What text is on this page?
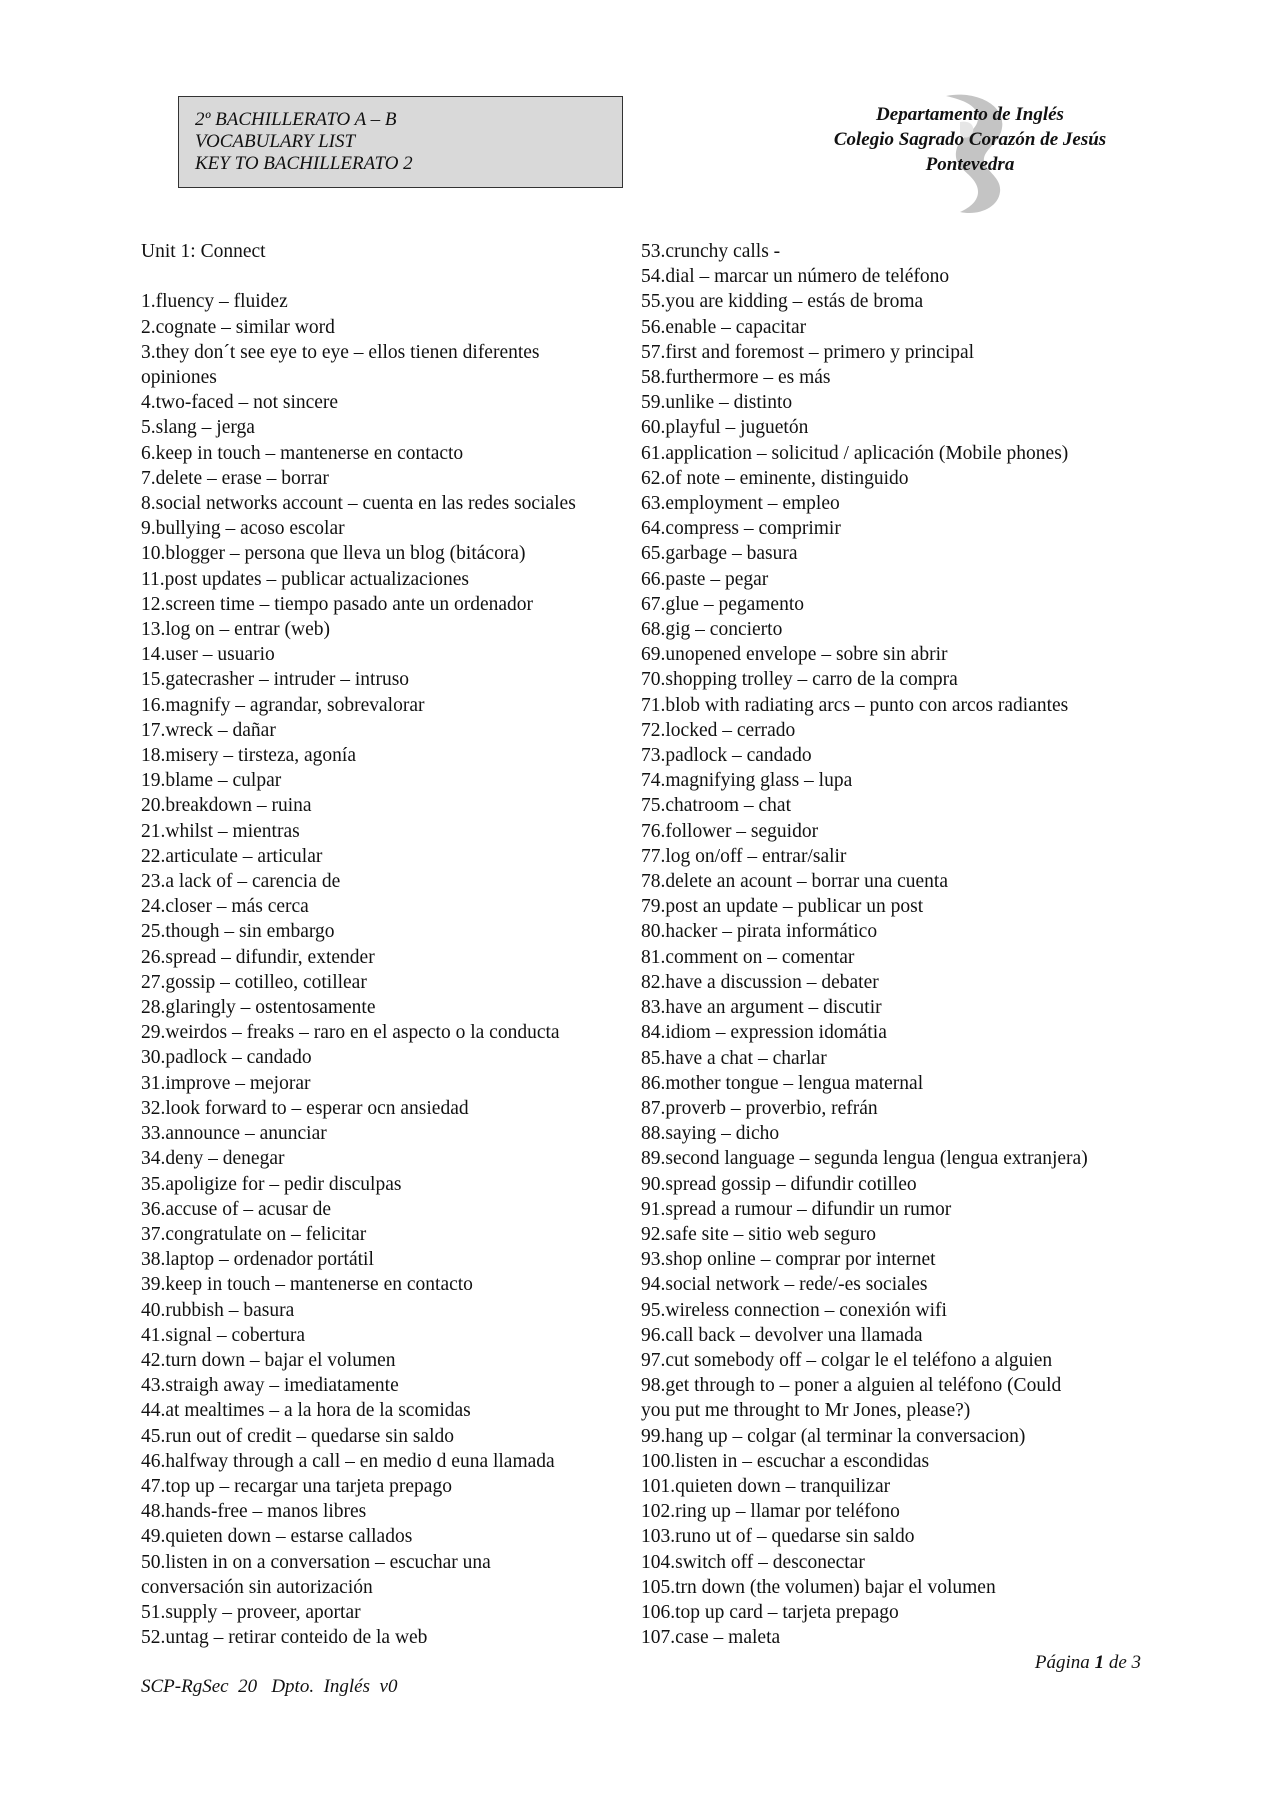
2º BACHILLERATO A – B
VOCABULARY LIST
KEY TO BACHILLERATO 2
Departamento de Inglés
Colegio Sagrado Corazón de Jesús
Pontevedra
Unit 1: Connect
1.fluency – fluidez
2.cognate – similar word
3.they don´t see eye to eye – ellos tienen diferentes
opiniones
4.two-faced – not sincere
5.slang – jerga
6.keep in touch – mantenerse en contacto
7.delete – erase – borrar
8.social networks account – cuenta en las redes sociales
9.bullying – acoso escolar
10.blogger – persona que lleva un blog (bitácora)
11.post updates – publicar actualizaciones
12.screen time – tiempo pasado ante un ordenador
13.log on – entrar (web)
14.user – usuario
15.gatecrasher – intruder – intruso
16.magnify – agrandar, sobrevalorar
17.wreck – dañar
18.misery – tirsteza, agonía
19.blame – culpar
20.breakdown – ruina
21.whilst – mientras
22.articulate – articular
23.a lack of – carencia de
24.closer – más cerca
25.though – sin embargo
26.spread – difundir, extender
27.gossip – cotilleo, cotillear
28.glaringly – ostentosamente
29.weirdos – freaks – raro en el aspecto o la conducta
30.padlock – candado
31.improve – mejorar
32.look forward to – esperar ocn ansiedad
33.announce – anunciar
34.deny – denegar
35.apoligize for – pedir disculpas
36.accuse of – acusar de
37.congratulate on – felicitar
38.laptop – ordenador portátil
39.keep in touch – mantenerse en contacto
40.rubbish – basura
41.signal – cobertura
42.turn down – bajar el volumen
43.straigh away – imediatamente
44.at mealtimes – a la hora de la scomidas
45.run out of credit – quedarse sin saldo
46.halfway through a call – en medio d euna llamada
47.top up – recargar una tarjeta prepago
48.hands-free – manos libres
49.quieten down – estarse callados
50.listen in on a conversation – escuchar una
conversación sin autorización
51.supply – proveer, aportar
52.untag – retirar conteido de la web
53.crunchy calls -
54.dial – marcar un número de teléfono
55.you are kidding – estás de broma
56.enable – capacitar
57.first and foremost – primero y principal
58.furthermore – es más
59.unlike – distinto
60.playful – juguetón
61.application – solicitud / aplicación (Mobile phones)
62.of note – eminente, distinguido
63.employment – empleo
64.compress – comprimir
65.garbage – basura
66.paste – pegar
67.glue – pegamento
68.gig – concierto
69.unopened envelope – sobre sin abrir
70.shopping trolley – carro de la compra
71.blob with radiating arcs – punto con arcos radiantes
72.locked – cerrado
73.padlock – candado
74.magnifying glass – lupa
75.chatroom – chat
76.follower – seguidor
77.log on/off – entrar/salir
78.delete an acount – borrar una cuenta
79.post an update – publicar un post
80.hacker – pirata informático
81.comment on – comentar
82.have a discussion – debater
83.have an argument – discutir
84.idiom – expression idomátia
85.have a chat – charlar
86.mother tongue – lengua maternal
87.proverb – proverbio, refrán
88.saying – dicho
89.second language – segunda lengua (lengua extranjera)
90.spread gossip – difundir cotilleo
91.spread a rumour – difundir un rumor
92.safe site – sitio web seguro
93.shop online – comprar por internet
94.social network – rede/-es sociales
95.wireless connection – conexión wifi
96.call back – devolver una llamada
97.cut somebody off – colgar le el teléfono a alguien
98.get through to – poner a alguien al teléfono (Could
you put me throught to Mr Jones, please?)
99.hang up – colgar (al terminar la conversacion)
100.listen in – escuchar a escondidas
101.quieten down – tranquilizar
102.ring up – llamar por teléfono
103.runo ut of – quedarse sin saldo
104.switch off – desconectar
105.trn down (the volumen) bajar el volumen
106.top up card – tarjeta prepago
107.case – maleta
Página 1 de 3
SCP-RgSec  20   Dpto.  Inglés  v0
